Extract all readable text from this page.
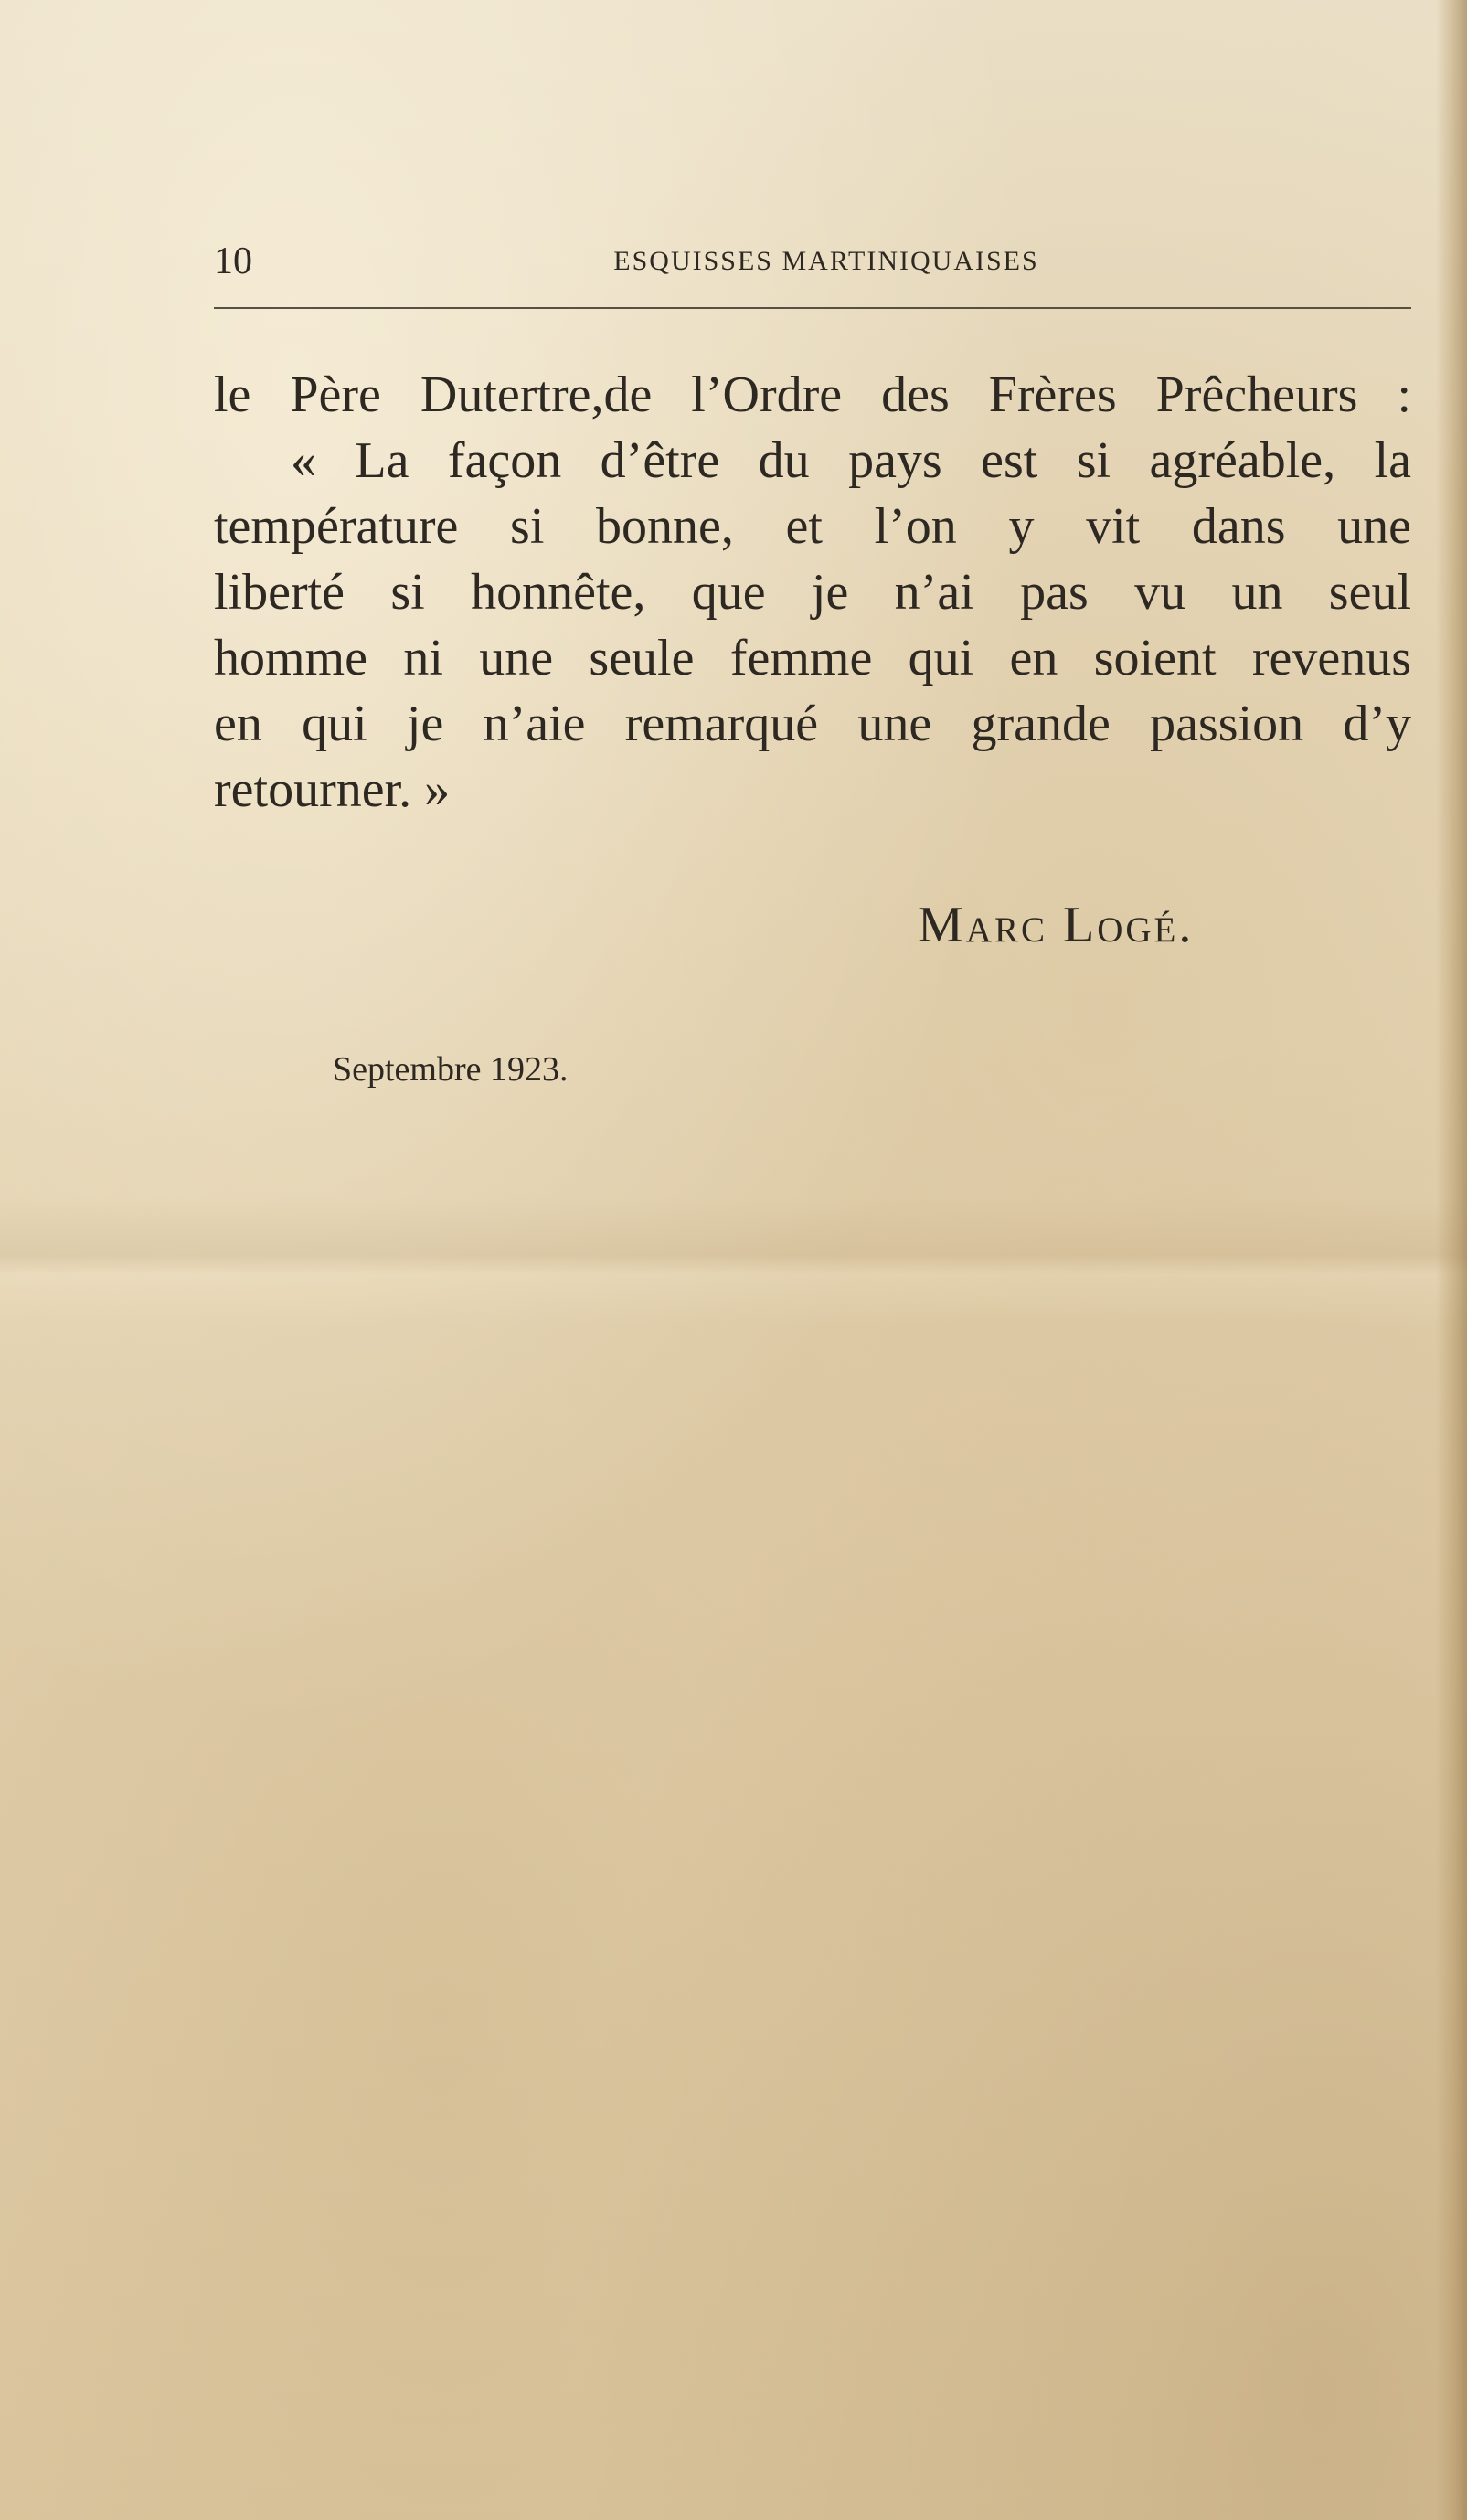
10	ESQUISSES MARTINIQUAISES
le Père Dutertre,de l’Ordre des Frères Prêcheurs :
« La façon d’être du pays est si agréable, la
température si bonne, et l’on y vit dans une
liberté si honnête, que je n’ai pas vu un seul
homme ni une seule femme qui en soient revenus
en qui je n’aie remarqué une grande passion d’y
retourner. »
Marc Logé.
Septembre 1923.
